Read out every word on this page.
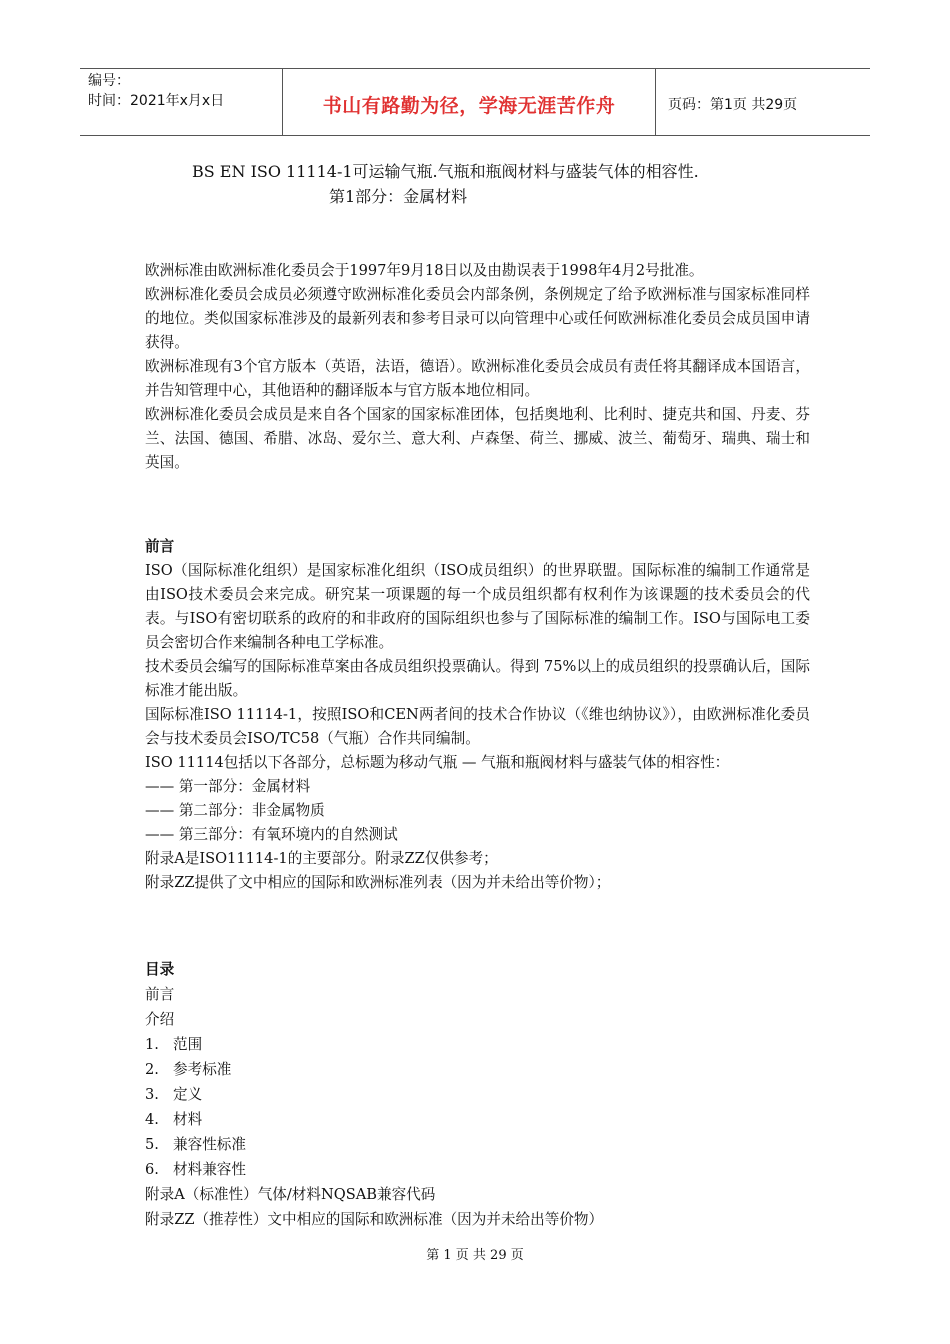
编号：
时间：2021年x月x日	书山有路勤为径，学海无涯苦作舟	页码：第1页 共29页
BS EN ISO 11114-1可运输气瓶.气瓶和瓶阀材料与盛装气体的相容性.
第1部分：金属材料

欧洲标准由欧洲标准化委员会于1997年9月18日以及由勘误表于1998年4月2号批准。

欧洲标准化委员会成员必须遵守欧洲标准化委员会内部条例，条例规定了给予欧洲标准与国家标准同样的地位。类似国家标准涉及的最新列表和参考目录可以向管理中心或任何欧洲标准化委员会成员国申请获得。

欧洲标准现有3个官方版本（英语，法语，德语）。欧洲标准化委员会成员有责任将其翻译成本国语言，并告知管理中心，其他语种的翻译版本与官方版本地位相同。

欧洲标准化委员会成员是来自各个国家的国家标准团体，包括奥地利、比利时、捷克共和国、丹麦、芬兰、法国、德国、希腊、冰岛、爱尔兰、意大利、卢森堡、荷兰、挪威、波兰、葡萄牙、瑞典、瑞士和英国。

前言

ISO（国际标准化组织）是国家标准化组织（ISO成员组织）的世界联盟。国际标准的编制工作通常是由ISO技术委员会来完成。研究某一项课题的每一个成员组织都有权利作为该课题的技术委员会的代表。与ISO有密切联系的政府的和非政府的国际组织也参与了国际标准的编制工作。ISO与国际电工委员会密切合作来编制各种电工学标准。

技术委员会编写的国际标准草案由各成员组织投票确认。得到 75%以上的成员组织的投票确认后，国际标准才能出版。

国际标准ISO 11114-1，按照ISO和CEN两者间的技术合作协议（《维也纳协议》），由欧洲标准化委员会与技术委员会ISO/TC58（气瓶）合作共同编制。

ISO 11114包括以下各部分，总标题为移动气瓶 — 气瓶和瓶阀材料与盛装气体的相容性：

—— 第一部分：金属材料

—— 第二部分：非金属物质

—— 第三部分：有氧环境内的自然测试

附录A是ISO11114-1的主要部分。附录ZZ仅供参考；

附录ZZ提供了文中相应的国际和欧洲标准列表（因为并未给出等价物）；

目录

前言

介绍

1. 范围

2. 参考标准

3. 定义

4. 材料

5. 兼容性标准

6. 材料兼容性

附录A（标准性）气体/材料NQSAB兼容代码

附录ZZ（推荐性）文中相应的国际和欧洲标准（因为并未给出等价物）

第 1 页 共 29 页
